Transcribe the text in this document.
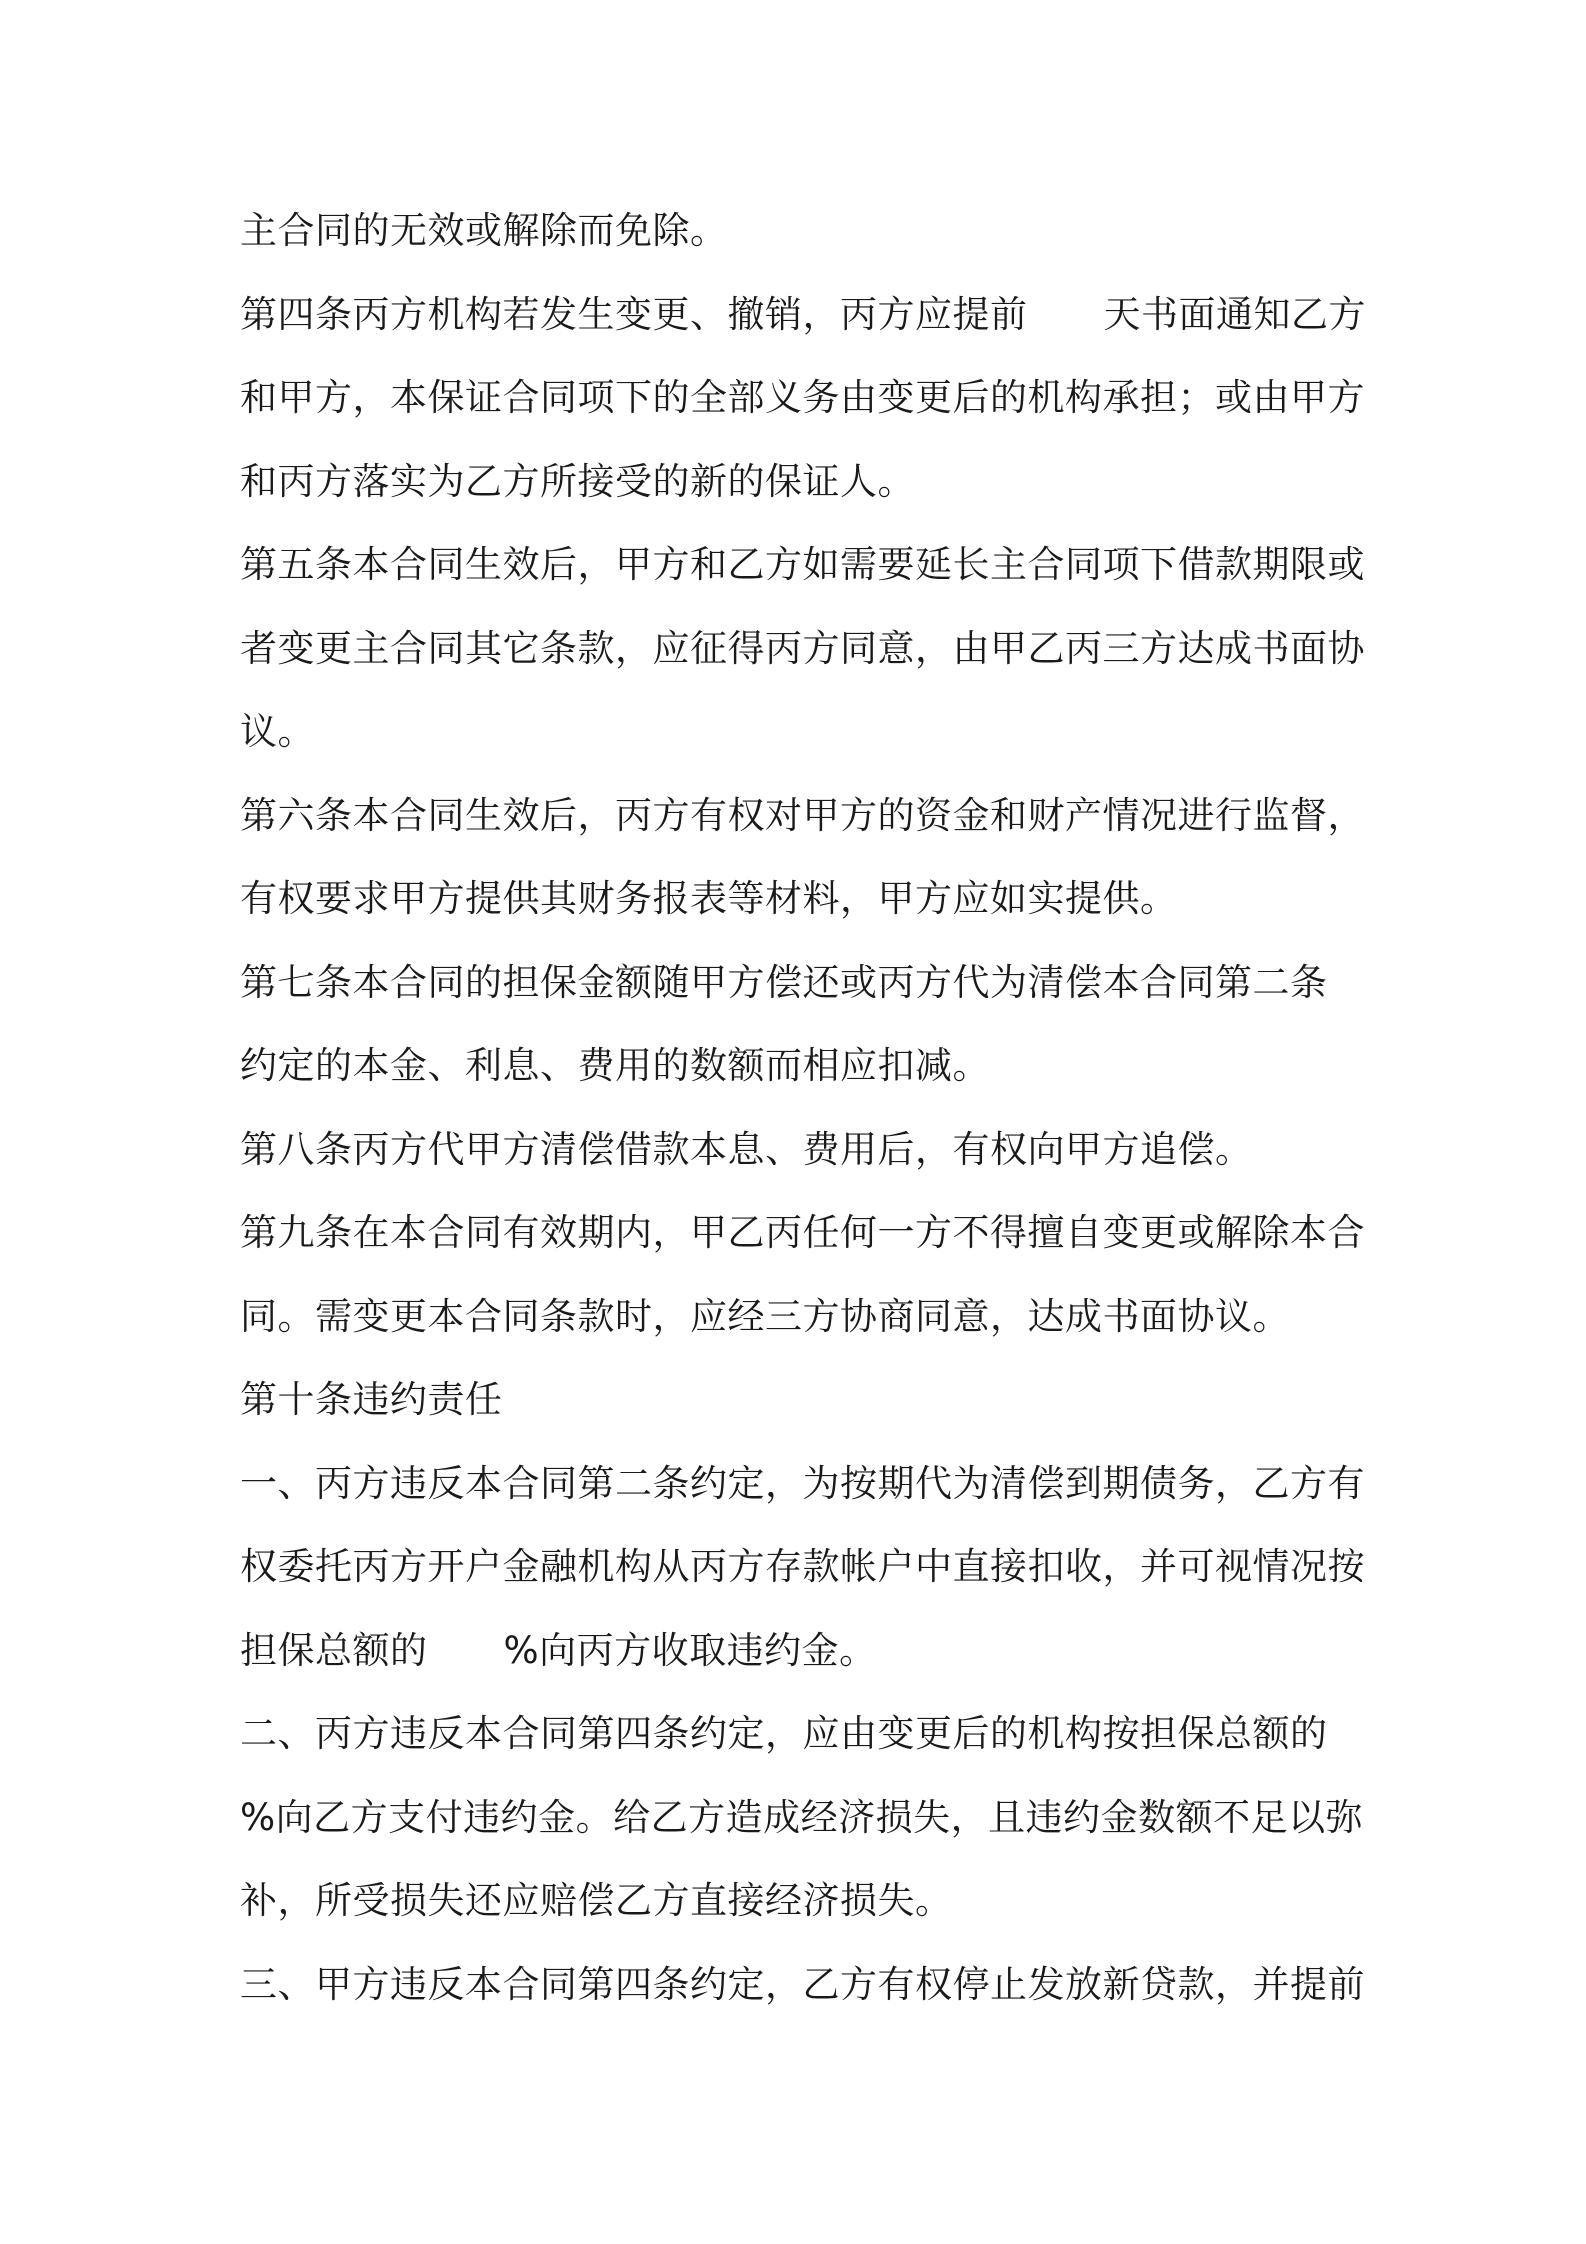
主合同的无效或解除而免除。
第四条丙方机构若发生变更、撤销，丙方应提前 天书面通知乙方
和甲方，本保证合同项下的全部义务由变更后的机构承担；或由甲方
和丙方落实为乙方所接受的新的保证人。
第五条本合同生效后，甲方和乙方如需要延长主合同项下借款期限或
者变更主合同其它条款，应征得丙方同意，由甲乙丙三方达成书面协
议。
第六条本合同生效后，丙方有权对甲方的资金和财产情况进行监督，
有权要求甲方提供其财务报表等材料，甲方应如实提供。
第七条本合同的担保金额随甲方偿还或丙方代为清偿本合同第二条
约定的本金、利息、费用的数额而相应扣减。
第八条丙方代甲方清偿借款本息、费用后，有权向甲方追偿。
第九条在本合同有效期内，甲乙丙任何一方不得擅自变更或解除本合
同。需变更本合同条款时，应经三方协商同意，达成书面协议。
第十条违约责任
一、丙方违反本合同第二条约定，为按期代为清偿到期债务，乙方有
权委托丙方开户金融机构从丙方存款帐户中直接扣收，并可视情况按
担保总额的 %向丙方收取违约金。
二、丙方违反本合同第四条约定，应由变更后的机构按担保总额的
%向乙方支付违约金。给乙方造成经济损失，且违约金数额不足以弥
补，所受损失还应赔偿乙方直接经济损失。
三、甲方违反本合同第四条约定，乙方有权停止发放新贷款，并提前
